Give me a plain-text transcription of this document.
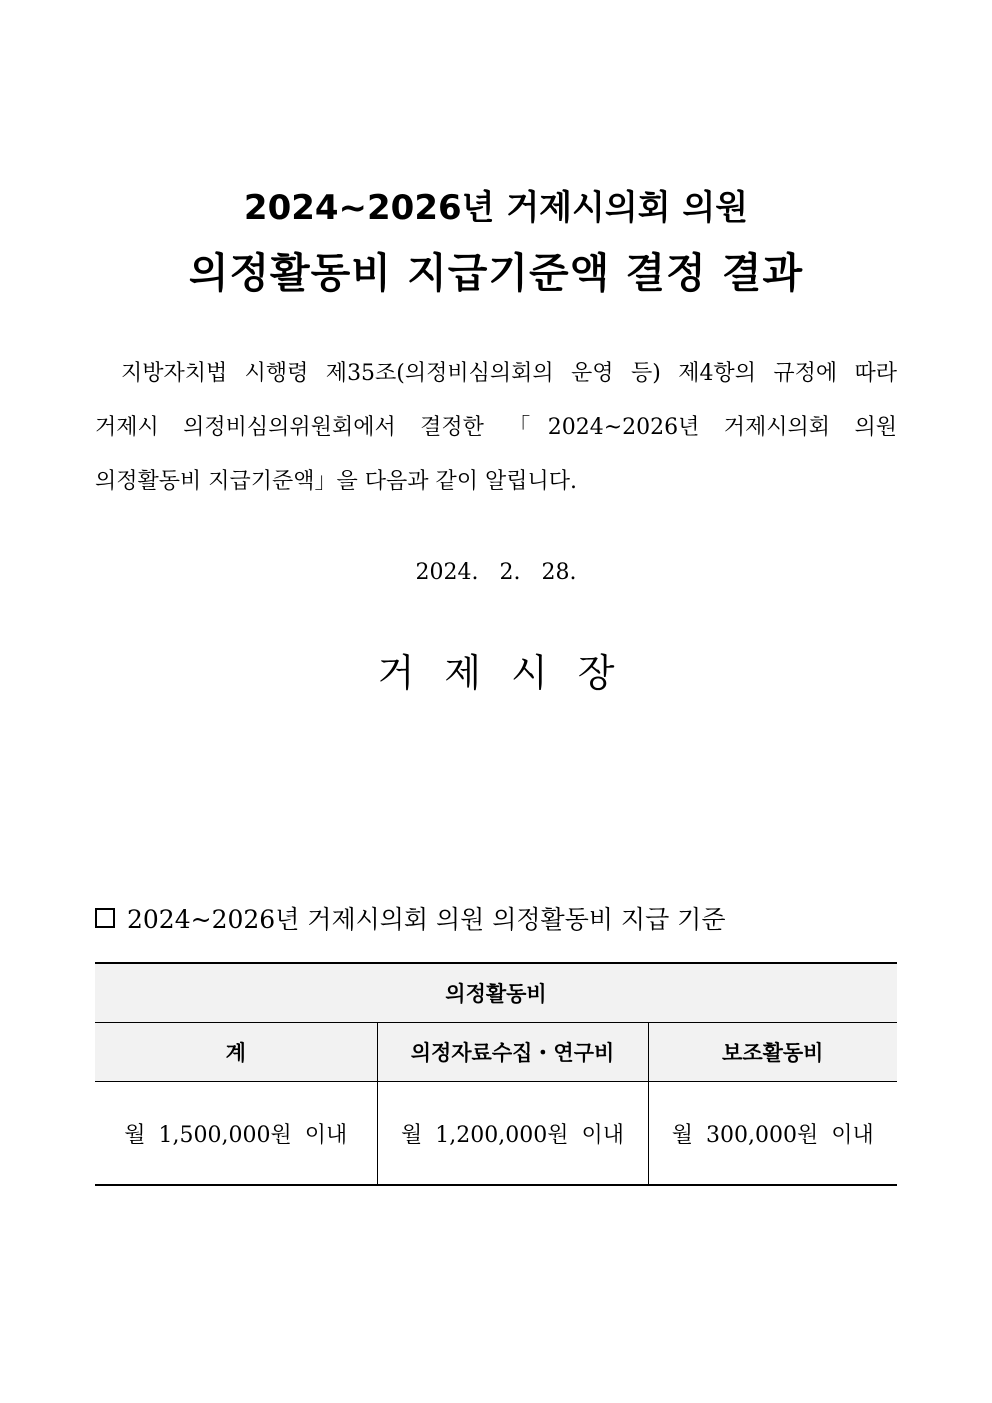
2024~2026년 거제시의회 의원
의정활동비 지급기준액 결정 결과
지방자치법 시행령 제35조(의정비심의회의 운영 등) 제4항의 규정에 따라
거제시 의정비심의위원회에서 결정한 「2024~2026년 거제시의회 의원
의정활동비 지급기준액」을 다음과 같이 알립니다.
2024. 2. 28.
거제시장
2024~2026년 거제시의회 의원 의정활동비 지급 기준
의정활동비		
계	의정자료수집・연구비	보조활동비
월 1,500,000원 이내	월 1,200,000원 이내	월 300,000원 이내
